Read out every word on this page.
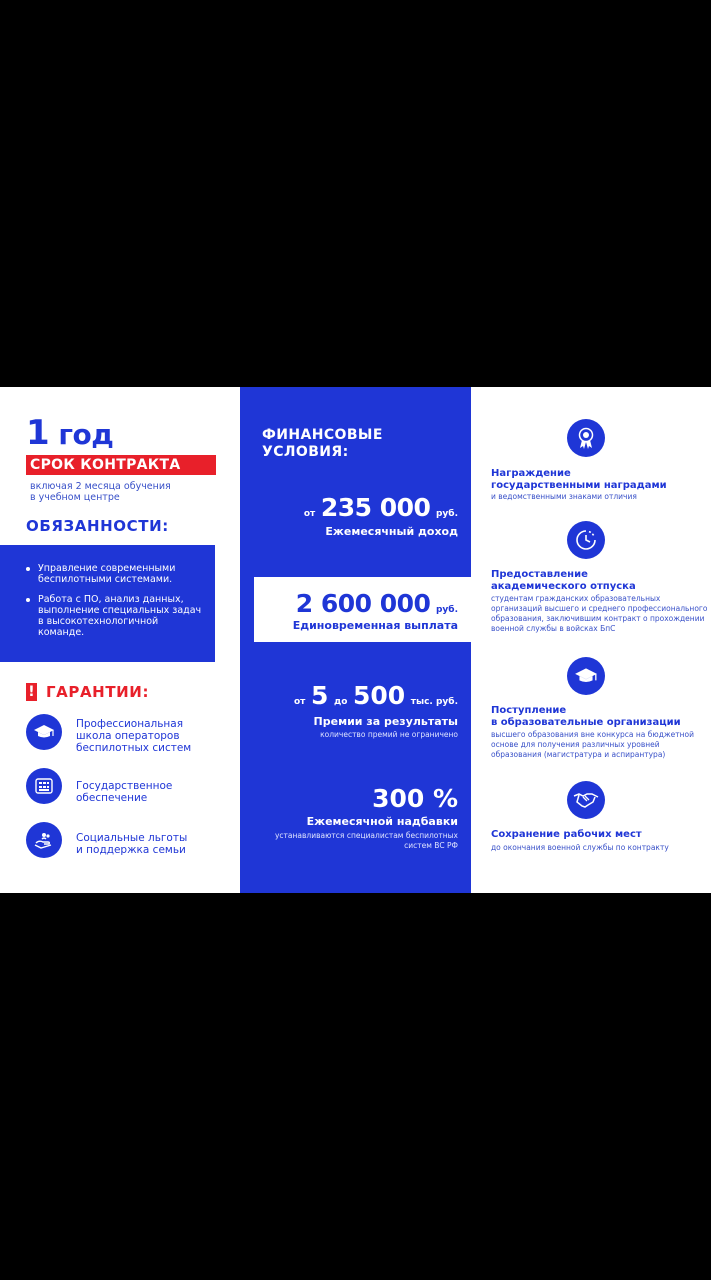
1 год
СРОК КОНТРАКТА
включая 2 месяца обучения
в учебном центре
ОБЯЗАННОСТИ:
Управление современными
беспилотными системами.
Работа с ПО, анализ данных,
выполнение специальных задач
в высокотехнологичной
команде.
! ГАРАНТИИ:
Профессиональная
школа операторов
беспилотных систем
Государственное
обеспечение
Социальные льготы
и поддержка семьи
ФИНАНСОВЫЕ
УСЛОВИЯ:
от 235 000 руб.
Ежемесячный доход
2 600 000 руб.
Единовременная выплата
от 5 до 500 тыс. руб.
Премии за результаты
количество премий не ограничено
300 %
Ежемесячной надбавки
устанавливаются специалистам беспилотных
систем ВС РФ
Награждение
государственными наградами
и ведомственными знаками отличия
Предоставление
академического отпуска
студентам гражданских образовательных
организаций высшего и среднего профессионального
образования, заключившим контракт о прохождении
военной службы в войсках БпС
Поступление
в образовательные организации
высшего образования вне конкурса на бюджетной
основе для получения различных уровней
образования (магистратура и аспирантура)
Сохранение рабочих мест
до окончания военной службы по контракту
